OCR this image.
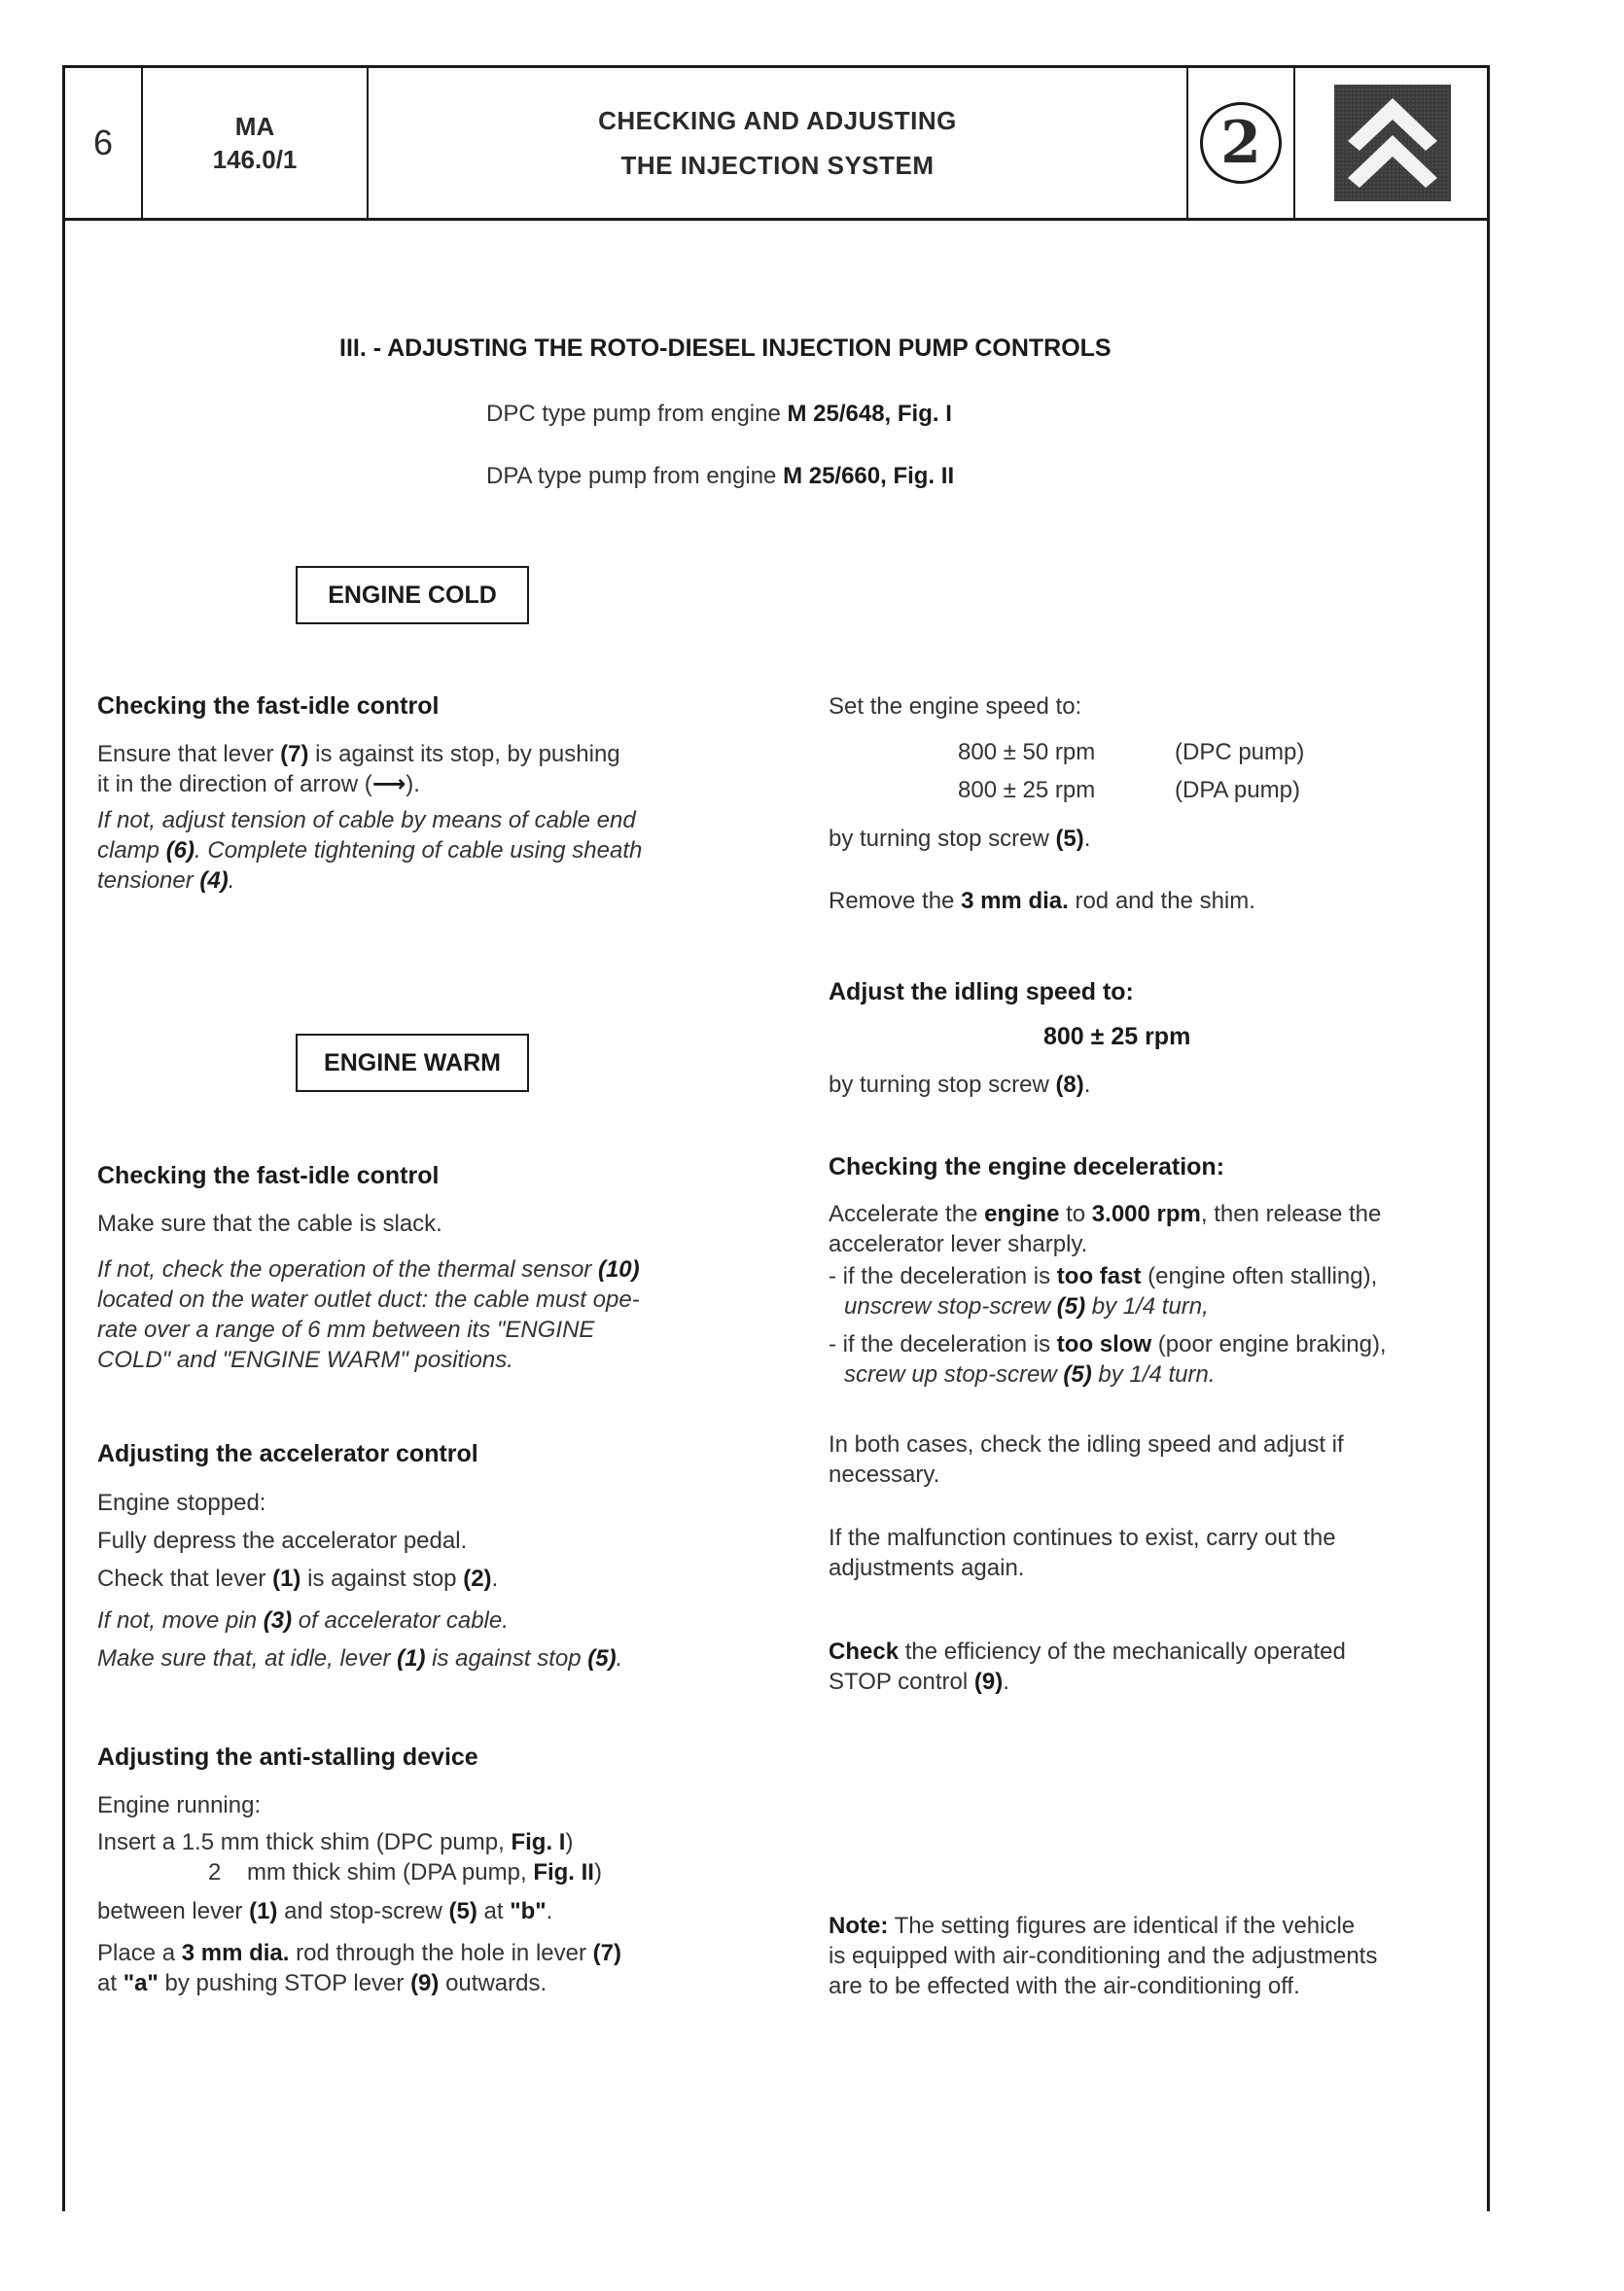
6	MA
146.0/1
CHECKING AND ADJUSTING
THE INJECTION SYSTEM	2
III. - ADJUSTING THE ROTO-DIESEL INJECTION PUMP CONTROLS
DPC type pump from engine M 25/648, Fig. I
DPA type pump from engine M 25/660, Fig. II
ENGINE COLD
Checking the fast-idle control
Ensure that lever (7) is against its stop, by pushing
it in the direction of arrow (⟶).
If not, adjust tension of cable by means of cable end
clamp (6). Complete tightening of cable using sheath
tensioner (4).
ENGINE WARM
Checking the fast-idle control
Make sure that the cable is slack.
If not, check the operation of the thermal sensor (10)
located on the water outlet duct: the cable must ope-
rate over a range of 6 mm between its "ENGINE
COLD" and "ENGINE WARM" positions.
Adjusting the accelerator control
Engine stopped:
Fully depress the accelerator pedal.
Check that lever (1) is against stop (2).
If not, move pin (3) of accelerator cable.
Make sure that, at idle, lever (1) is against stop (5).
Adjusting the anti-stalling device
Engine running:
Insert a 1.5 mm thick shim (DPC pump, Fig. I)
2    mm thick shim (DPA pump, Fig. II)
between lever (1) and stop-screw (5) at "b".
Place a 3 mm dia. rod through the hole in lever (7)
at "a" by pushing STOP lever (9) outwards.
Set the engine speed to:
800 ± 50 rpm	(DPC pump)
800 ± 25 rpm	(DPA pump)
by turning stop screw (5).
Remove the 3 mm dia. rod and the shim.
Adjust the idling speed to:
800 ± 25 rpm
by turning stop screw (8).
Checking the engine deceleration:
Accelerate the engine to 3.000 rpm, then release the
accelerator lever sharply.
- if the deceleration is too fast (engine often stalling),
unscrew stop-screw (5) by 1/4 turn,
- if the deceleration is too slow (poor engine braking),
screw up stop-screw (5) by 1/4 turn.
In both cases, check the idling speed and adjust if
necessary.
If the malfunction continues to exist, carry out the
adjustments again.
Check the efficiency of the mechanically operated
STOP control (9).
Note: The setting figures are identical if the vehicle
is equipped with air-conditioning and the adjustments
are to be effected with the air-conditioning off.
